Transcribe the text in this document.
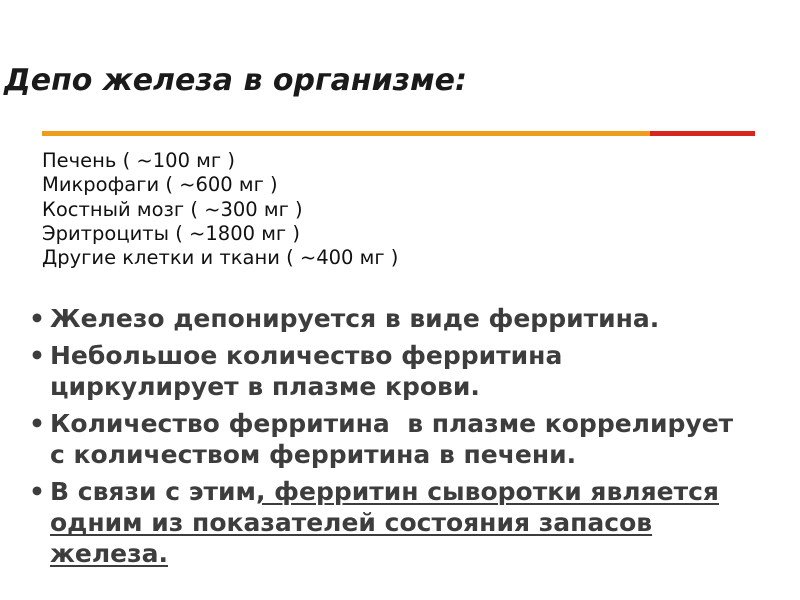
Депо железа в организме:
Печень ( ~100 мг )
Микрофаги ( ~600 мг )
Костный мозг ( ~300 мг )
Эритроциты ( ~1800 мг )
Другие клетки и ткани ( ~400 мг )
• Железо депонируется в виде ферритина.
• Небольшое количество ферритина
циркулирует в плазме крови.
• Количество ферритина  в плазме коррелирует
с количеством ферритина в печени.
• В связи с этим, ферритин сыворотки является
одним из показателей состояния запасов
железа.
